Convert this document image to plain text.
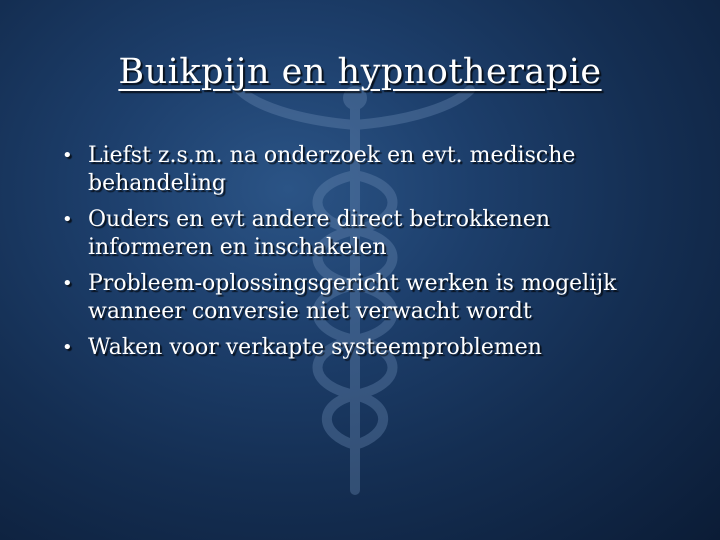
Buikpijn en hypnotherapie
• Liefst z.s.m. na onderzoek en evt. medische behandeling
• Ouders en evt andere direct betrokkenen informeren en inschakelen
• Probleem-oplossingsgericht werken is mogelijk wanneer conversie niet verwacht wordt
• Waken voor verkapte systeemproblemen
